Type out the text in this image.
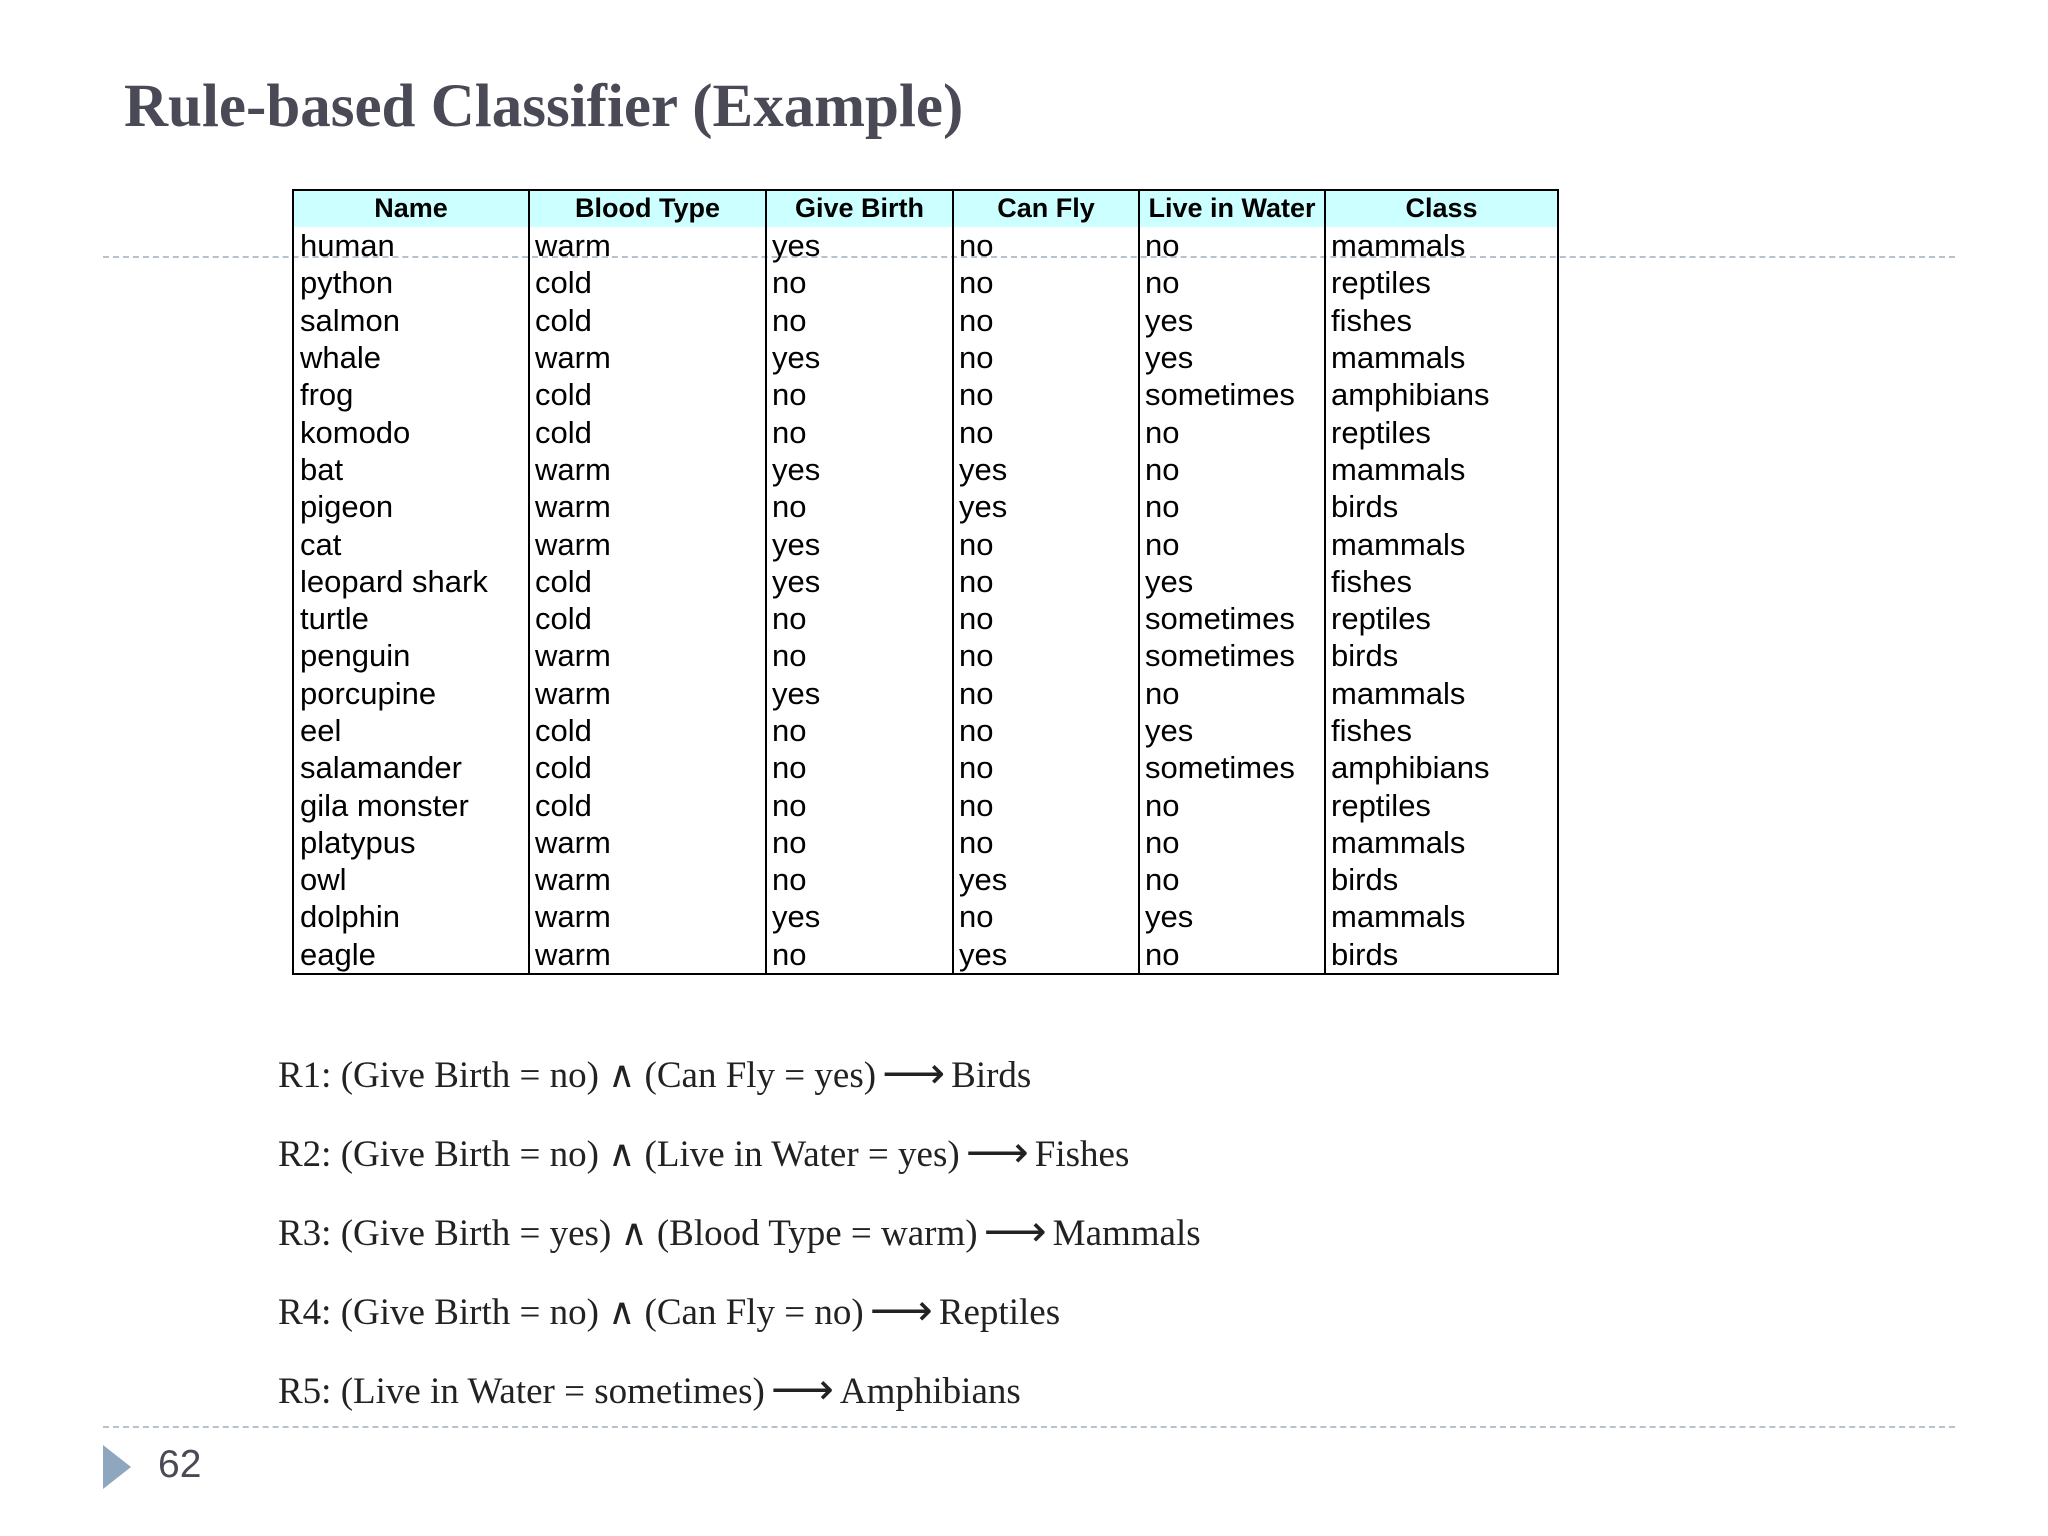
Rule-based Classifier (Example)
Name	Blood Type	Give Birth	Can Fly	Live in Water	Class
human	warm	yes	no	no	mammals
python	cold	no	no	no	reptiles
salmon	cold	no	no	yes	fishes
whale	warm	yes	no	yes	mammals
frog	cold	no	no	sometimes	amphibians
komodo	cold	no	no	no	reptiles
bat	warm	yes	yes	no	mammals
pigeon	warm	no	yes	no	birds
cat	warm	yes	no	no	mammals
leopard shark	cold	yes	no	yes	fishes
turtle	cold	no	no	sometimes	reptiles
penguin	warm	no	no	sometimes	birds
porcupine	warm	yes	no	no	mammals
eel	cold	no	no	yes	fishes
salamander	cold	no	no	sometimes	amphibians
gila monster	cold	no	no	no	reptiles
platypus	warm	no	no	no	mammals
owl	warm	no	yes	no	birds
dolphin	warm	yes	no	yes	mammals
eagle	warm	no	yes	no	birds
R1: (Give Birth = no) ∧ (Can Fly = yes) ⟶ Birds
R2: (Give Birth = no) ∧ (Live in Water = yes) ⟶ Fishes
R3: (Give Birth = yes) ∧ (Blood Type = warm) ⟶ Mammals
R4: (Give Birth = no) ∧ (Can Fly = no) ⟶ Reptiles
R5: (Live in Water = sometimes) ⟶ Amphibians
62
